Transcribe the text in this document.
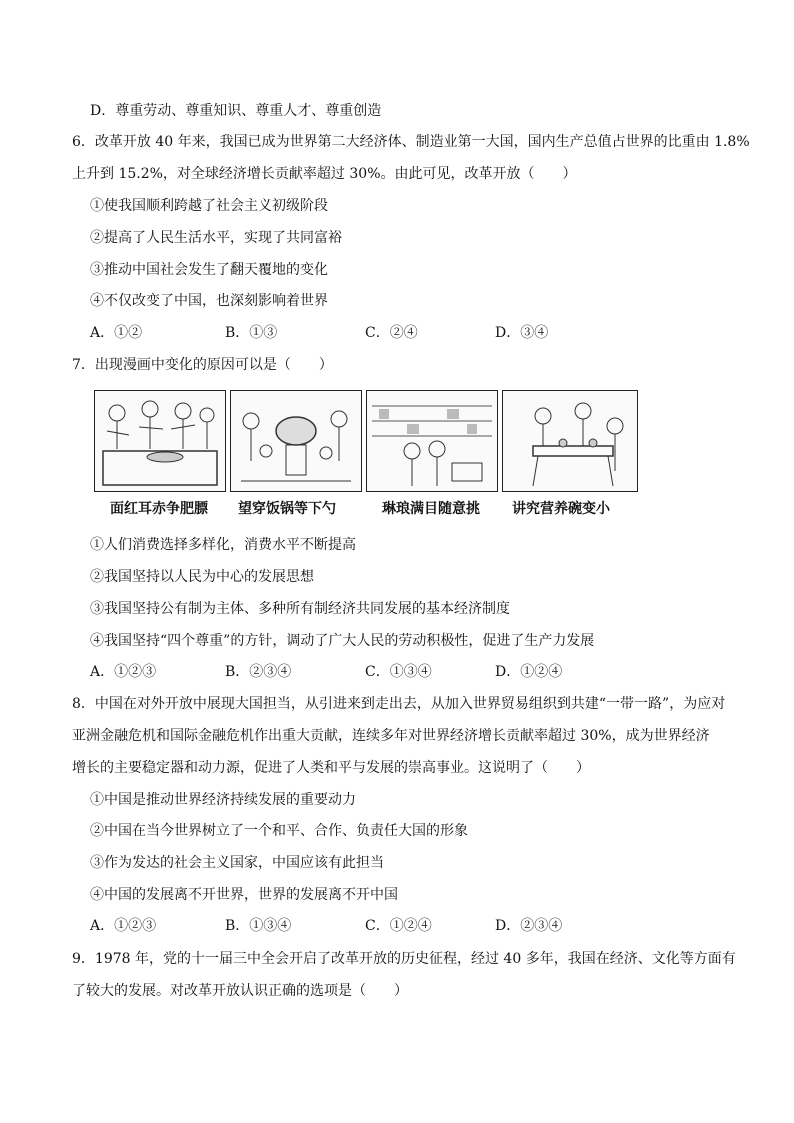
D．尊重劳动、尊重知识、尊重人才、尊重创造
6．改革开放 40 年来，我国已成为世界第二大经济体、制造业第一大国，国内生产总值占世界的比重由 1.8%
上升到 15.2%，对全球经济增长贡献率超过 30%。由此可见，改革开放（　　）
①使我国顺利跨越了社会主义初级阶段
②提高了人民生活水平，实现了共同富裕
③推动中国社会发生了翻天覆地的变化
④不仅改变了中国，也深刻影响着世界
A．①②	B．①③	C．②④	D．③④
7．出现漫画中变化的原因可以是（　　）
面红耳赤争肥膘 望穿饭锅等下勺	琳琅满目随意挑 讲究营养碗变小
①人们消费选择多样化，消费水平不断提高
②我国坚持以人民为中心的发展思想
③我国坚持公有制为主体、多种所有制经济共同发展的基本经济制度
④我国坚持“四个尊重”的方针，调动了广大人民的劳动积极性，促进了生产力发展
A．①②③	B．②③④	C．①③④	D．①②④
8．中国在对外开放中展现大国担当，从引进来到走出去，从加入世界贸易组织到共建“一带一路”，为应对
亚洲金融危机和国际金融危机作出重大贡献，连续多年对世界经济增长贡献率超过 30%，成为世界经济
增长的主要稳定器和动力源，促进了人类和平与发展的崇高事业。这说明了（　　）
①中国是推动世界经济持续发展的重要动力
②中国在当今世界树立了一个和平、合作、负责任大国的形象
③作为发达的社会主义国家，中国应该有此担当
④中国的发展离不开世界，世界的发展离不开中国
A．①②③	B．①③④	C．①②④	D．②③④
9．1978 年，党的十一届三中全会开启了改革开放的历史征程，经过 40 多年，我国在经济、文化等方面有
了较大的发展。对改革开放认识正确的选项是（　　）
